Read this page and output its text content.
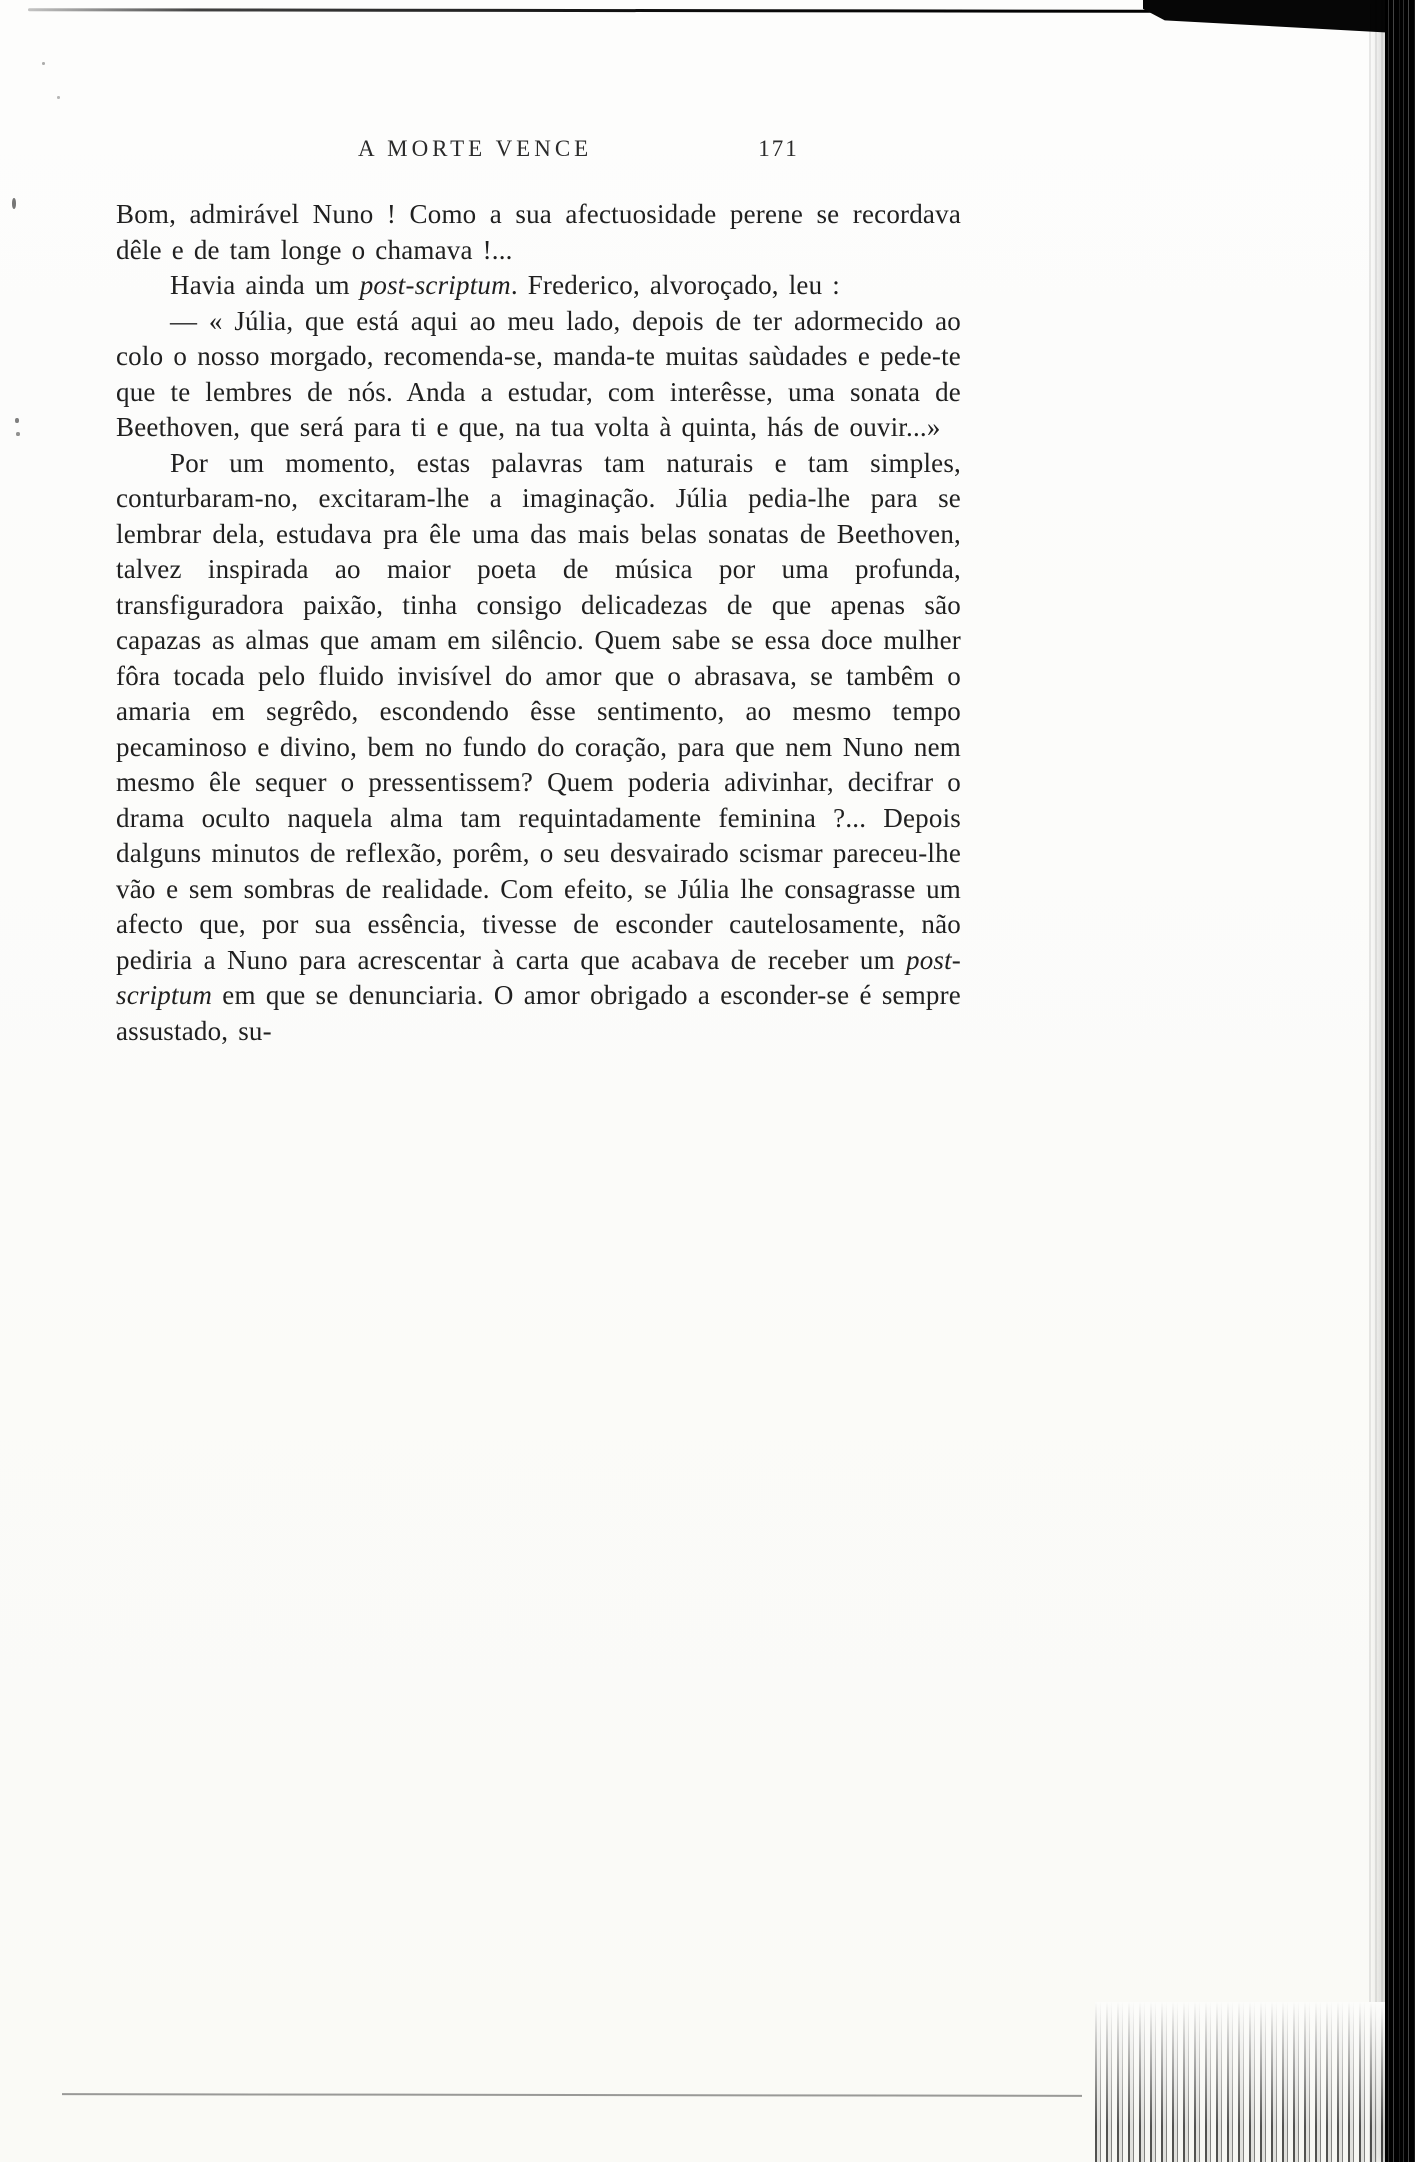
A MORTE VENCE	171

Bom, admirável Nuno ! Como a sua afectuosidade perene se recordava dêle e de tam longe o chamava !...

Havia ainda um post-scriptum. Frederico, alvoroçado, leu :

— « Júlia, que está aqui ao meu lado, depois de ter adormecido ao colo o nosso morgado, recomenda-se, manda-te muitas saùdades e pede-te que te lembres de nós. Anda a estudar, com interêsse, uma sonata de Beethoven, que será para ti e que, na tua volta à quinta, hás de ouvir...»

Por um momento, estas palavras tam naturais e tam simples, conturbaram-no, excitaram-lhe a imaginação. Júlia pedia-lhe para se lembrar dela, estudava pra êle uma das mais belas sonatas de Beethoven, talvez inspirada ao maior poeta de música por uma profunda, transfiguradora paixão, tinha consigo delicadezas de que apenas são capazas as almas que amam em silêncio. Quem sabe se essa doce mulher fôra tocada pelo fluido invisível do amor que o abrasava, se tambêm o amaria em segrêdo, escondendo êsse sentimento, ao mesmo tempo pecaminoso e divino, bem no fundo do coração, para que nem Nuno nem mesmo êle sequer o pressentissem? Quem poderia adivinhar, decifrar o drama oculto naquela alma tam requintadamente feminina ?... Depois dalguns minutos de reflexão, porêm, o seu desvairado scismar pareceu-lhe vão e sem sombras de realidade. Com efeito, se Júlia lhe consagrasse um afecto que, por sua essência, tivesse de esconder cautelosamente, não pediria a Nuno para acrescentar à carta que acabava de receber um post-scriptum em que se denunciaria. O amor obrigado a esconder-se é sempre assustado, su-
